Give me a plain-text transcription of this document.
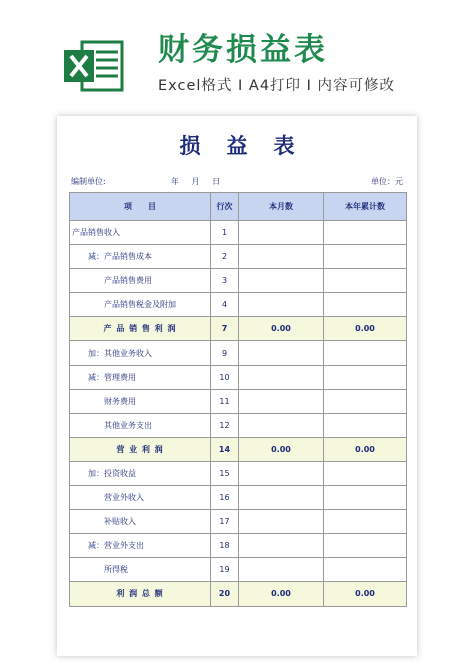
财务损益表
Excel格式 I A4打印 I 内容可修改
损益表
编制单位:	年 月 日	单位：元
项　　目	行次	本月数	本年累计数
产品销售收入	1		
减：产品销售成本	2		
产品销售费用	3		
产品销售税金及附加	4		
产 品 销 售 利 润	7	0.00	0.00
加：其他业务收入	9		
减：管理费用	10		
财务费用	11		
其他业务支出	12		
营 业 利 润	14	0.00	0.00
加：投资收益	15		
营业外收入	16		
补贴收入	17		
减：营业外支出	18		
所得税	19		
利 润 总 额	20	0.00	0.00
